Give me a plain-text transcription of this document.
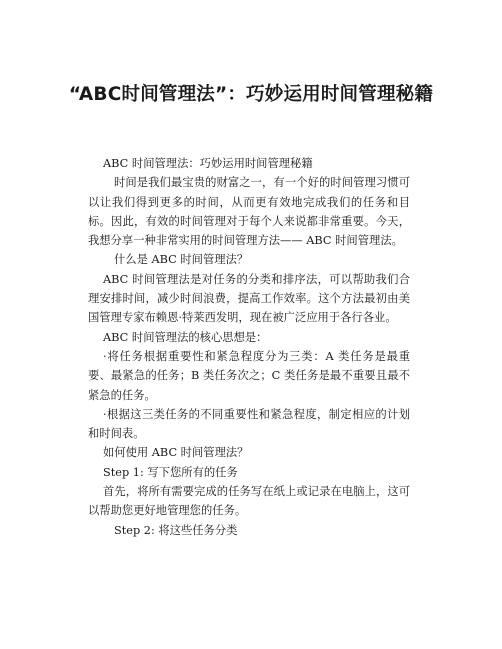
“ABC时间管理法”：巧妙运用时间管理秘籍

ABC 时间管理法：巧妙运用时间管理秘籍

时间是我们最宝贵的财富之一，有一个好的时间管理习惯可以让我们得到更多的时间，从而更有效地完成我们的任务和目标。因此，有效的时间管理对于每个人来说都非常重要。今天，我想分享一种非常实用的时间管理方法—— ABC 时间管理法。

什么是 ABC 时间管理法？

ABC 时间管理法是对任务的分类和排序法，可以帮助我们合理安排时间，减少时间浪费，提高工作效率。这个方法最初由美国管理专家布赖恩·特莱西发明，现在被广泛应用于各行各业。

ABC 时间管理法的核心思想是：

·将任务根据重要性和紧急程度分为三类：A 类任务是最重要、最紧急的任务；B 类任务次之；C 类任务是最不重要且最不紧急的任务。

·根据这三类任务的不同重要性和紧急程度，制定相应的计划和时间表。

如何使用 ABC 时间管理法？

Step 1: 写下您所有的任务

首先，将所有需要完成的任务写在纸上或记录在电脑上，这可以帮助您更好地管理您的任务。

Step 2: 将这些任务分类
